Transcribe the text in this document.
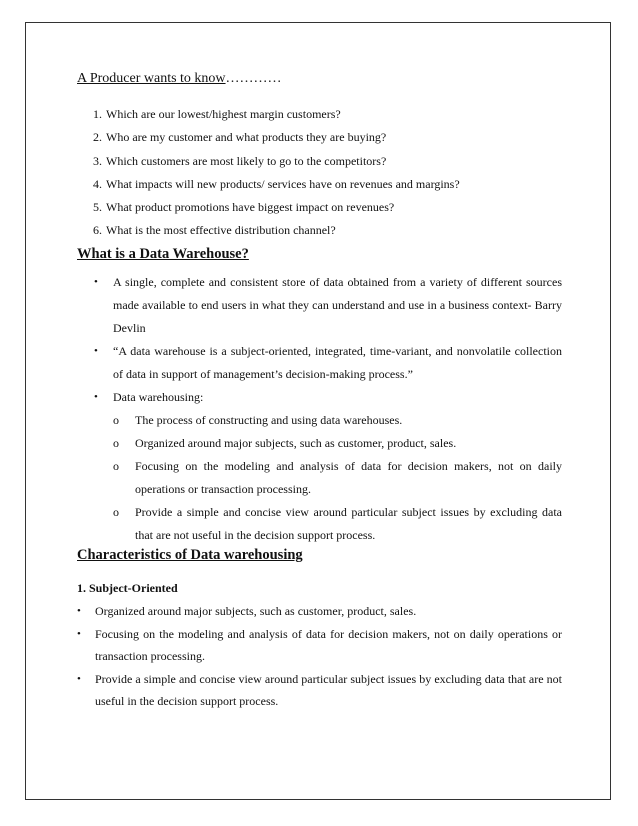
A Producer wants to know…………
1. Which are our lowest/highest margin customers?
2. Who are my customer and what products they are buying?
3. Which customers are most likely to go to the competitors?
4. What impacts will new products/ services have on revenues and margins?
5. What product promotions have biggest impact on revenues?
6. What is the most effective distribution channel?
What is a Data Warehouse?
• A single, complete and consistent store of data obtained from a variety of different sources made available to end users in what they can understand and use in a business context- Barry Devlin
• “A data warehouse is a subject-oriented, integrated, time-variant, and nonvolatile collection of data in support of management’s decision-making process.”
• Data warehousing:
o The process of constructing and using data warehouses.
o Organized around major subjects, such as customer, product, sales.
o Focusing on the modeling and analysis of data for decision makers, not on daily operations or transaction processing.
o Provide a simple and concise view around particular subject issues by excluding data that are not useful in the decision support process.
Characteristics of Data warehousing
1. Subject-Oriented
• Organized around major subjects, such as customer, product, sales.
• Focusing on the modeling and analysis of data for decision makers, not on daily operations or transaction processing.
• Provide a simple and concise view around particular subject issues by excluding data that are not useful in the decision support process.
